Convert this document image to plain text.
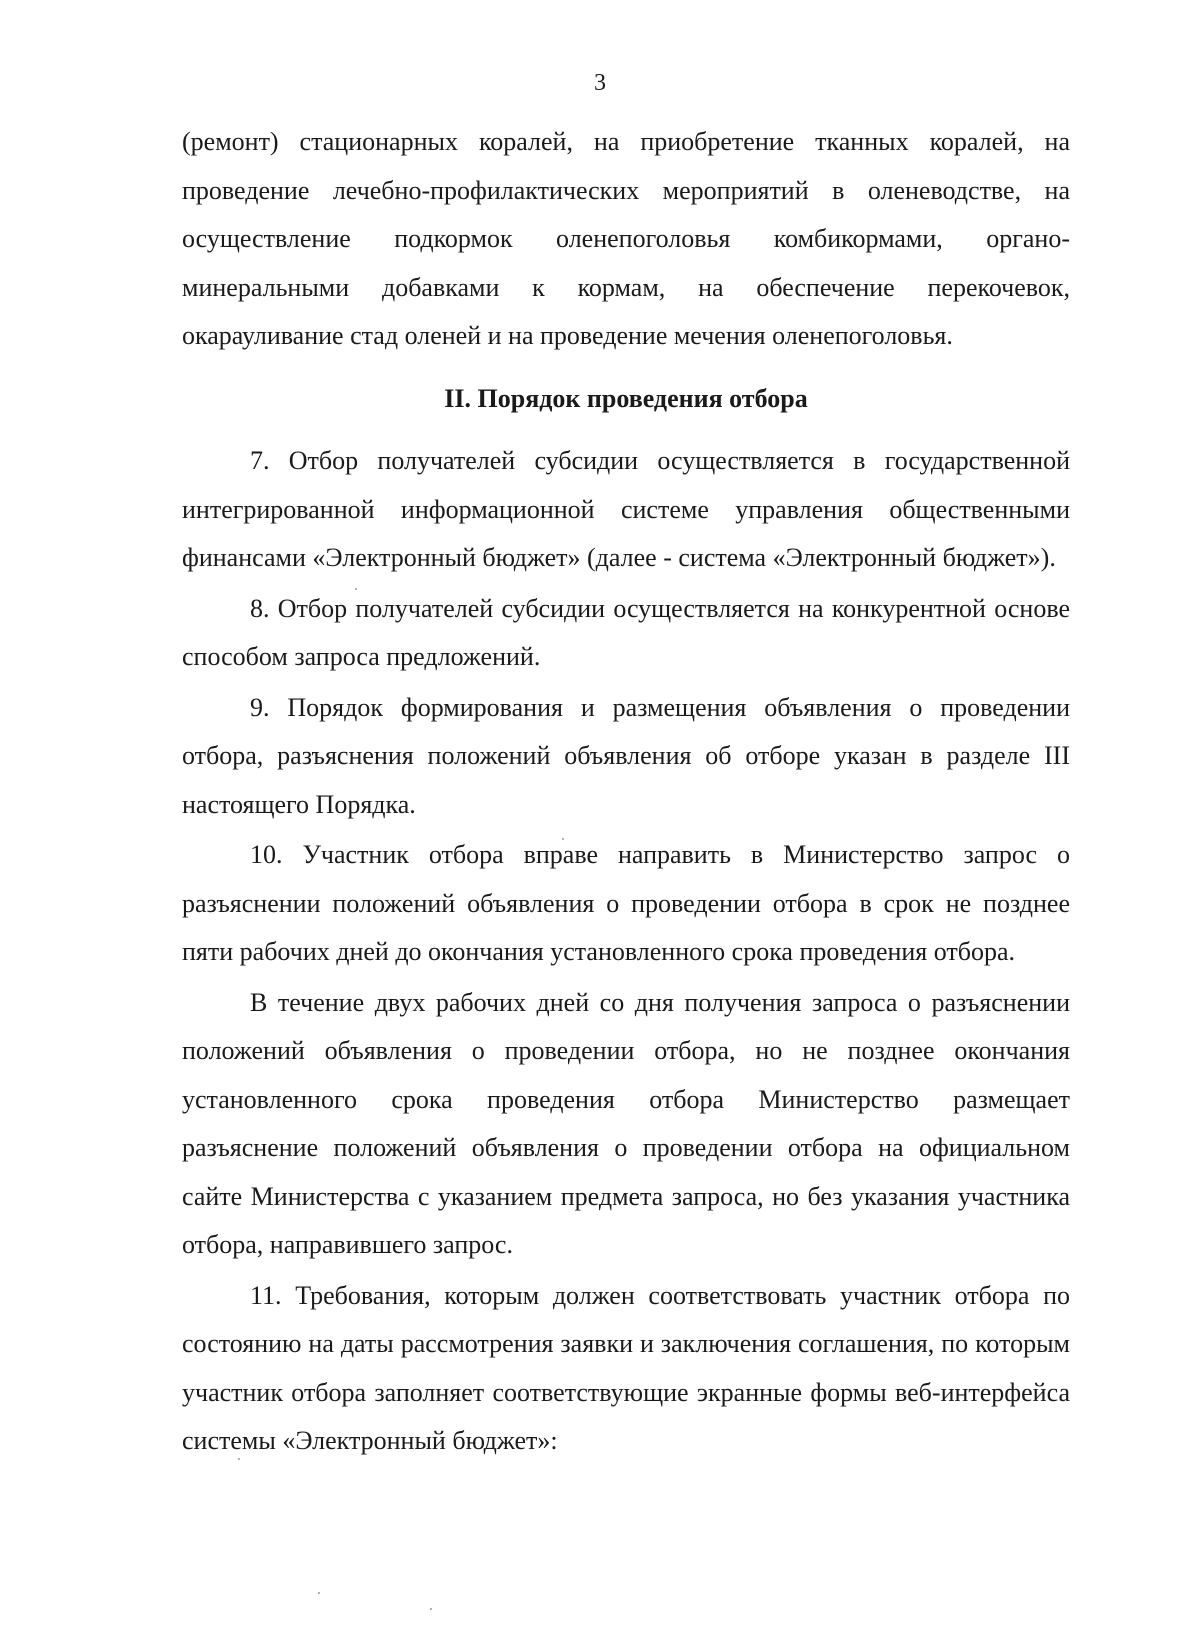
3

(ремонт) стационарных коралей, на приобретение тканных коралей, на проведение лечебно-профилактических мероприятий в оленеводстве, на осуществление подкормок оленепоголовья комбикормами, органо-минеральными добавками к кормам, на обеспечение перекочевок, окарауливание стад оленей и на проведение мечения оленепоголовья.

II. Порядок проведения отбора

7. Отбор получателей субсидии осуществляется в государственной интегрированной информационной системе управления общественными финансами «Электронный бюджет» (далее - система «Электронный бюджет»).

8. Отбор получателей субсидии осуществляется на конкурентной основе способом запроса предложений.

9. Порядок формирования и размещения объявления о проведении отбора, разъяснения положений объявления об отборе указан в разделе III настоящего Порядка.

10. Участник отбора вправе направить в Министерство запрос о разъяснении положений объявления о проведении отбора в срок не позднее пяти рабочих дней до окончания установленного срока проведения отбора.

В течение двух рабочих дней со дня получения запроса о разъяснении положений объявления о проведении отбора, но не позднее окончания установленного срока проведения отбора Министерство размещает разъяснение положений объявления о проведении отбора на официальном сайте Министерства с указанием предмета запроса, но без указания участника отбора, направившего запрос.

11. Требования, которым должен соответствовать участник отбора по состоянию на даты рассмотрения заявки и заключения соглашения, по которым участник отбора заполняет соответствующие экранные формы веб-интерфейса системы «Электронный бюджет»:
